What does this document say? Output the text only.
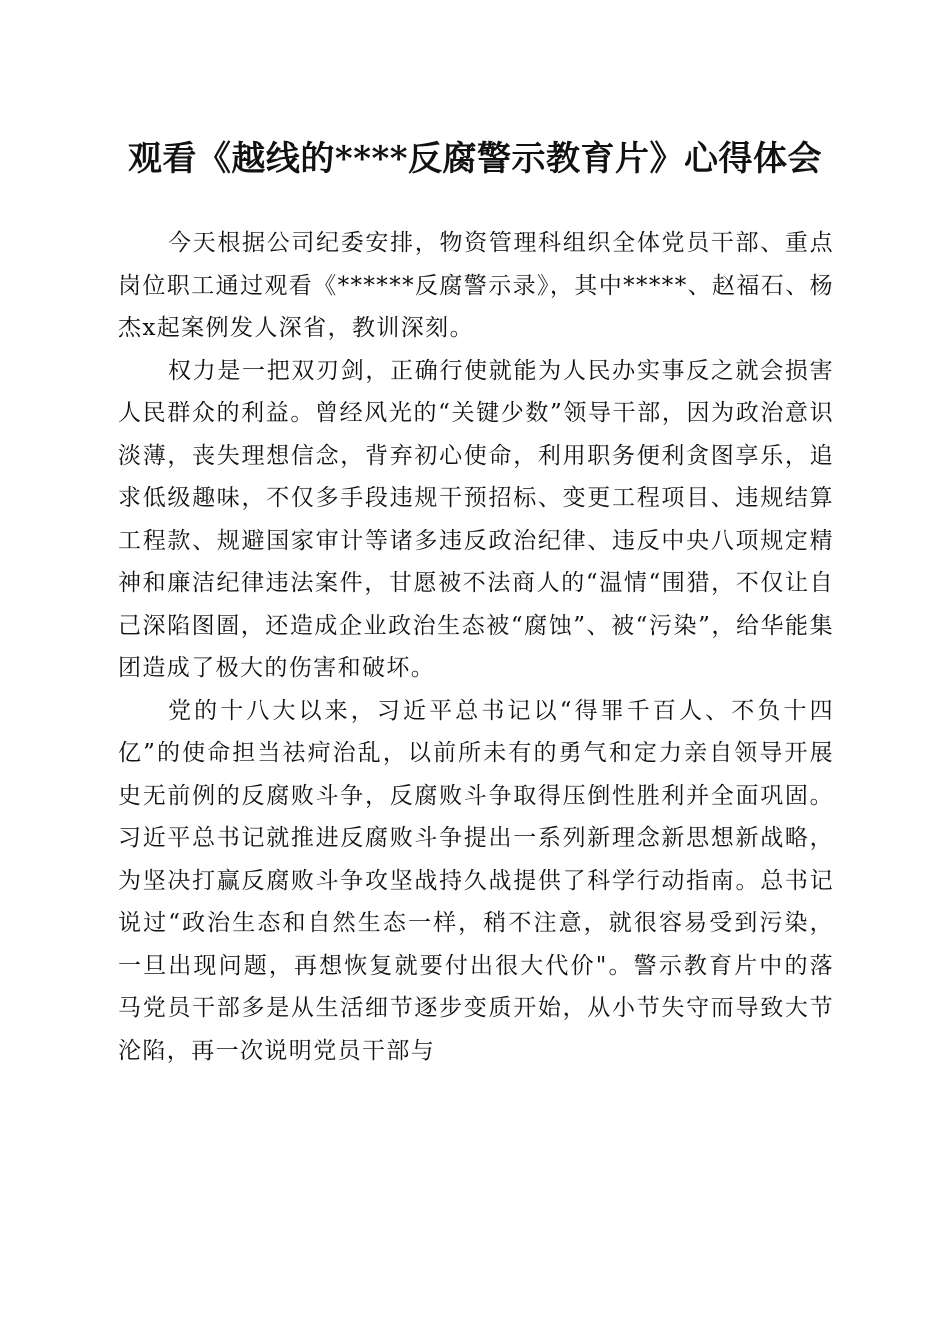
观看《越线的****反腐警示教育片》心得体会

今天根据公司纪委安排，物资管理科组织全体党员干部、重点岗位职工通过观看《******反腐警示录》，其中*****、赵福石、杨杰x起案例发人深省，教训深刻。

权力是一把双刃剑，正确行使就能为人民办实事反之就会损害人民群众的利益。曾经风光的“关键少数”领导干部，因为政治意识淡薄，丧失理想信念，背弃初心使命，利用职务便利贪图享乐，追求低级趣味，不仅多手段违规干预招标、变更工程项目、违规结算工程款、规避国家审计等诸多违反政治纪律、违反中央八项规定精神和廉洁纪律违法案件，甘愿被不法商人的“温情“围猎，不仅让自己深陷图圄，还造成企业政治生态被“腐蚀”、被“污染”，给华能集团造成了极大的伤害和破坏。

党的十八大以来，习近平总书记以“得罪千百人、不负十四亿”的使命担当祛疴治乱，以前所未有的勇气和定力亲自领导开展史无前例的反腐败斗争，反腐败斗争取得压倒性胜利并全面巩固。习近平总书记就推进反腐败斗争提出一系列新理念新思想新战略，为坚决打赢反腐败斗争攻坚战持久战提供了科学行动指南。总书记说过“政治生态和自然生态一样，稍不注意，就很容易受到污染，一旦出现问题，再想恢复就要付出很大代价"。警示教育片中的落马党员干部多是从生活细节逐步变质开始，从小节失守而导致大节沦陷，再一次说明党员干部与
